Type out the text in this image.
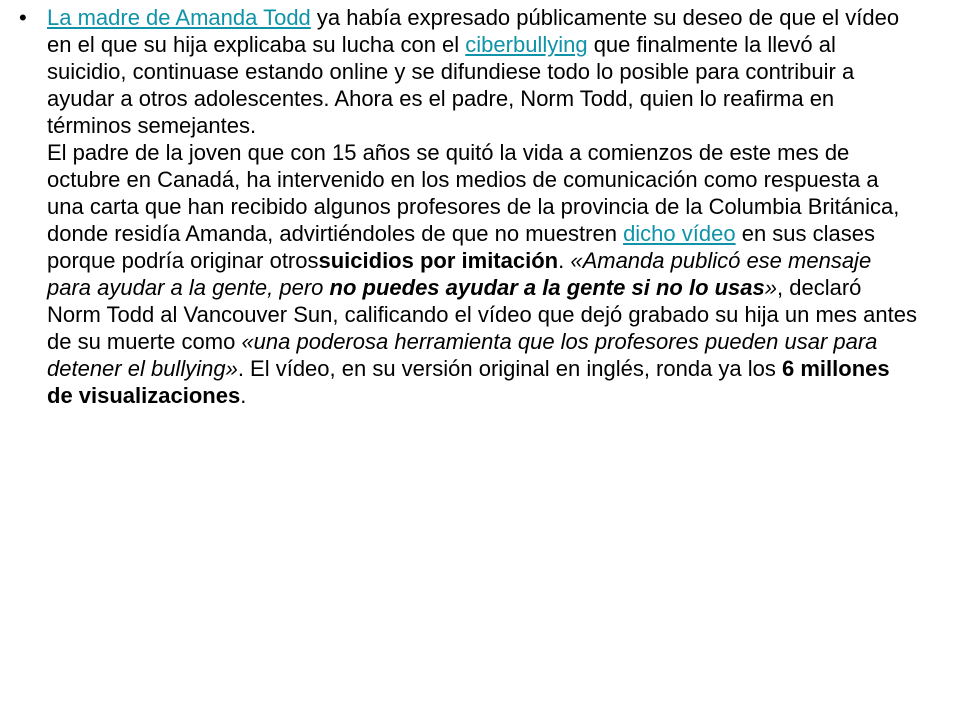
• La madre de Amanda Todd ya había expresado públicamente su deseo de que el vídeo en el que su hija explicaba su lucha con el ciberbullying que finalmente la llevó al suicidio, continuase estando online y se difundiese todo lo posible para contribuir a ayudar a otros adolescentes. Ahora es el padre, Norm Todd, quien lo reafirma en términos semejantes.
El padre de la joven que con 15 años se quitó la vida a comienzos de este mes de octubre en Canadá, ha intervenido en los medios de comunicación como respuesta a una carta que han recibido algunos profesores de la provincia de la Columbia Británica, donde residía Amanda, advirtiéndoles de que no muestren dicho vídeo en sus clases porque podría originar otrossuicidios por imitación. «Amanda publicó ese mensaje para ayudar a la gente, pero no puedes ayudar a la gente si no lo usas», declaró Norm Todd al Vancouver Sun, calificando el vídeo que dejó grabado su hija un mes antes de su muerte como «una poderosa herramienta que los profesores pueden usar para detener el bullying». El vídeo, en su versión original en inglés, ronda ya los 6 millones de visualizaciones.
